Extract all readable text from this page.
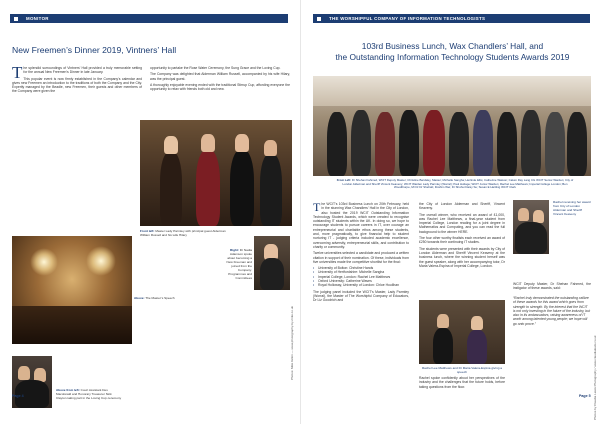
MONITOR
New Freemen’s Dinner 2019, Vintners’ Hall
T he splendid surroundings of Vintners’ Hall provided a truly memorable setting for the annual New Freemen’s Dinner in late January.

This popular event is now firmly established in the Company’s calendar and gives new Freemen an introduction to the traditions of both the Company and the City. Expertly managed by the Beadle, new Freemen, their guests and other members of the Company were given the

opportunity to partake the Rose Water Ceremony, the Sung Grace and the Loving Cup.

The Company was delighted that Alderman William Russell, accompanied by his wife Hilary, was the principal guest.

A thoroughly enjoyable evening ended with the traditional Stirrup Cup, affording everyone the opportunity to relax with friends both old and new.

Front left: Master Lady Parmley with principal guest Alderman William Russell and his wife Hilary
Right: Dr Nadia Adamson spoke about becoming a New Freeman and joined from the Company: Programmes and Committees
Above: The Master’s Speech
Above from left: Court Assistant Des Macdonald and Honorary Treasurer Nick Clayton taking part in the Loving Cup ceremony
Page 4
Photos: Mike Gillon — www.photography-by-mike.co.uk
THE WORSHIPFUL COMPANY OF INFORMATION TECHNOLOGISTS
103rd Business Lunch, Wax Chandlers’ Hall, and
the Outstanding Information Technology Students Awards 2019
From Left: Dr Shehan Fahmed, WCIT Deputy Master; Christine Bardsley, Master; Michelle Sangha; Herlinde Ellis; Catherine Watson; Calum Ray Lang CG WCIT Senior Warden; City of London Alderman and Sheriff Vincent Keaveny; WCIT Warden Lady Parmley (Worral); Paul Hutlage; WCIT Junior Warden; Rachel Lee Matthews; Imperial College London; Ben Woodthorpe, Mr Dr Dr Shehab; Ibrahim Wei; Dr Shuhui Daisy Su; Susan E Hartling WCIT Clerk
T he WCIT’s 103rd Business Lunch on 20th February, held in the stunning Wax Chandlers’ Hall in the City of London, also hosted the 2019 WCIT Outstanding Information Technology Student Awards, which were created to recognise outstanding IT students within the UK. In doing so, we hope to encourage students to pursue careers in IT, over courage an entrepreneurial and charitable ethos among these students, and, more pragmatically, to give financial help to student nurturing IT - judging criteria included academic excellence, overcoming adversity, entrepreneurial skills, and contribution to charity or community.

Twelve universities selected a candidate and produced a written citation in support of their nomination. Of these, individuals from five universities made the competitive shortlist for the final:

• University of Bolton: Christine Hands
• University of Hertfordshire: Michelle Sangha
• Imperial College, London: Rachel Lee Matthews
• Oxford University: Catherine Waves
• Royal Holloway, University of London: Chloe Houlihan

The judging panel included the WCIT’s Master, Lady Parmley (Worral), the Master of The Worshipful Company of Educators, Dr Liz Goodrich and

the City of London Alderman and Sheriff, Vincent Keaveny.

The overall winner, who received an award of £1,000, was Rachel Lee Matthews, a final-year student from Imperial College, London reading for a joint degree in Mathematics and Computing, and you can read the full background to the winner HERE.

The four other worthy finalists each received an award of £250 towards their continuing IT studies.

The students were presented with their awards by City of London Alderman and Sheriff Vincent Keaveny at the business lunch, where the winning student herself was the guest speaker, along with her accompanying tutor, Dr Maria Valera-Espina of Imperial College, London.

Rachel Lee Matthews and Dr Maria Valera-Espina giving a speech
Rachel spoke confidently about her perspectives of the industry and the challenges that the future holds, before taking questions from the floor.
Rachel receiving her award from City of London Alderman and Sheriff Vincent Keaveny
WCIT Deputy Master, Dr Shehan Fahmed, the instigator of these awards, said:
“Rachel truly demonstrated the outstanding calibre of these awards for this award which goes from strength to strength. By the interest that the WCIT is not only investing in the future of the industry, but also in its ambassadors, raising awareness of IT worth among talented young people; we hope will go onto prove.”
Page 5 Photos by Claudia Lewis Photography / www.claudialewis.co.uk
